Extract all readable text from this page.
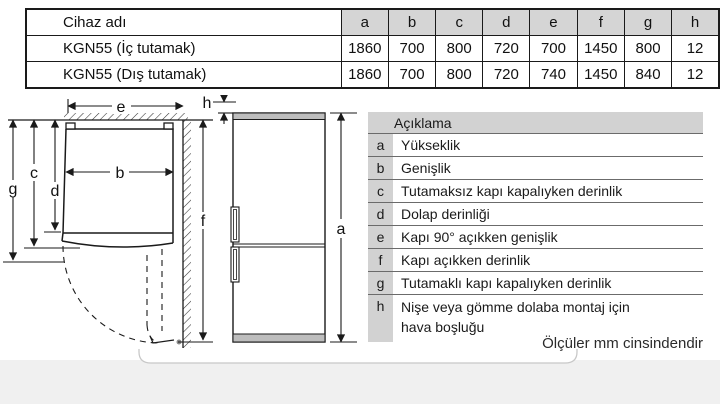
Cihaz adı	a	b	c	d	e	f	g	h
KGN55 (İç tutamak)	1860	700	800	720	700	1450	800	12
KGN55 (Dış tutamak)	1860	700	800	720	740	1450	840	12
e
b
d
c
g
f
h
a
Açıklama
a	Yükseklik
b	Genişlik
c	Tutamaksız kapı kapalıyken derinlik
d	Dolap derinliği
e	Kapı 90° açıkken genişlik
f	Kapı açıkken derinlik
g	Tutamaklı kapı kapalıyken derinlik
h	Nişe veya gömme dolaba montaj için hava boşluğu
Ölçüler mm cinsindendir
